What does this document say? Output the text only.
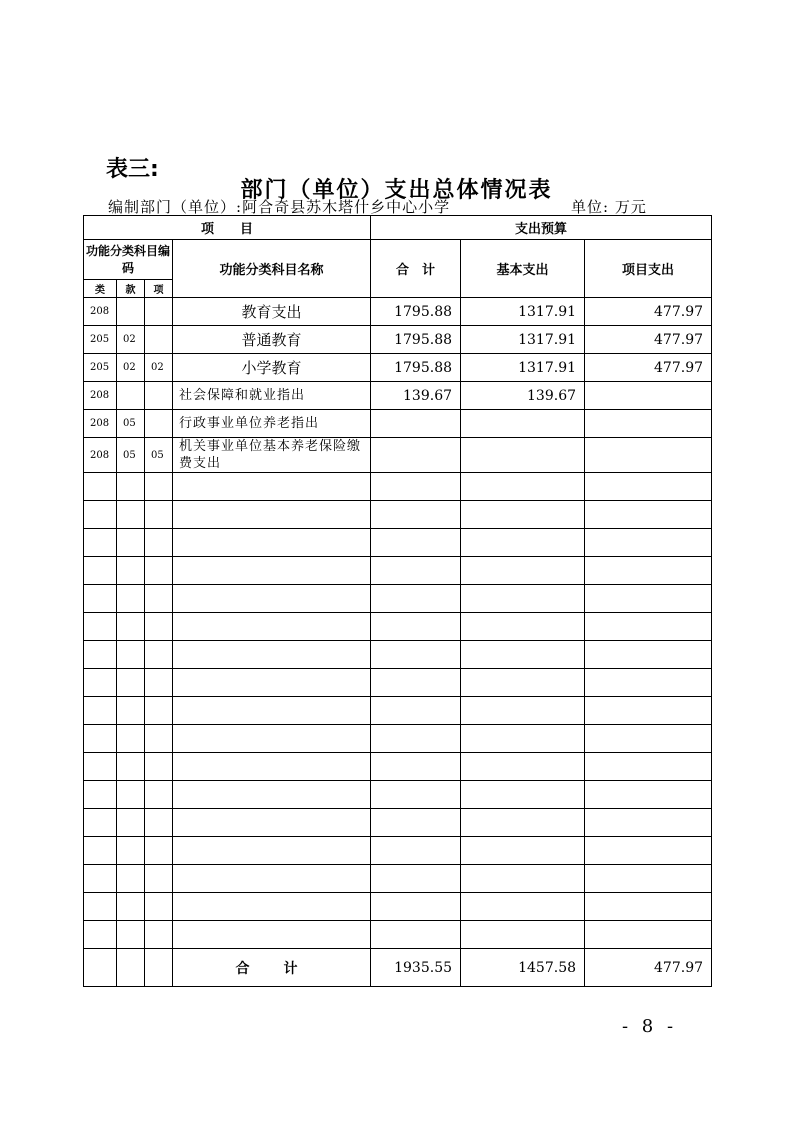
表三:
部门（单位）支出总体情况表
编制部门（单位）:阿合奇县苏木塔什乡中心小学	单位: 万元
项　　目				支出预算		
功能分类科目编码			功能分类科目名称	合　计	基本支出	项目支出
类	款	项				
208			教育支出	1795.88	1317.91	477.97
205	02		普通教育	1795.88	1317.91	477.97
205	02	02	小学教育	1795.88	1317.91	477.97
208			社会保障和就业指出	139.67	139.67	
208	05		行政事业单位养老指出			
208	05	05	机关事业单位基本养老保险缴费支出			

			合　计	1935.55	1457.58	477.97
- 8 -
